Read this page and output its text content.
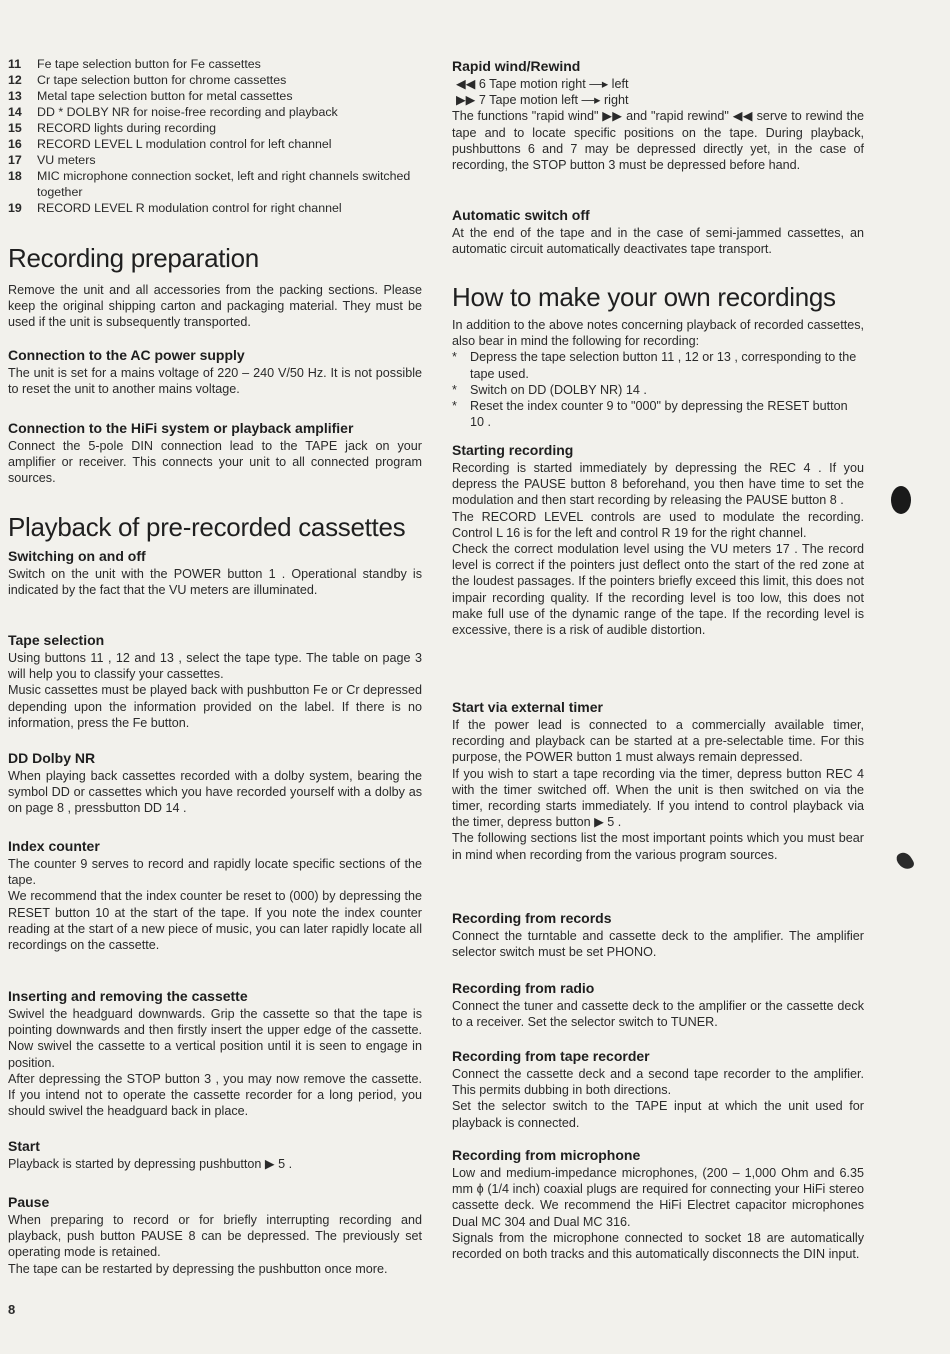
11	Fe tape selection button for Fe cassettes
12	Cr tape selection button for chrome cassettes
13	Metal tape selection button for metal cassettes
14	DD * DOLBY NR for noise-free recording and playback
15	RECORD lights during recording
16	RECORD LEVEL L modulation control for left channel
17	VU meters
18	MIC microphone connection socket, left and right channels switched together
19	RECORD LEVEL R modulation control for right channel
Recording preparation

Remove the unit and all accessories from the packing sections. Please keep the original shipping carton and packaging material. They must be used if the unit is subsequently transported.

Connection to the AC power supply

The unit is set for a mains voltage of 220 – 240 V/50 Hz. It is not possible to reset the unit to another mains voltage.

Connection to the HiFi system or playback amplifier

Connect the 5-pole DIN connection lead to the TAPE jack on your amplifier or receiver. This connects your unit to all connected program sources.

Playback of pre-recorded cassettes
Switching on and off

Switch on the unit with the POWER button 1 . Operational standby is indicated by the fact that the VU meters are illuminated.

Tape selection

Using buttons 11 , 12 and 13 , select the tape type. The table on page 3 will help you to classify your cassettes.

Music cassettes must be played back with pushbutton Fe or Cr depressed depending upon the information provided on the label. If there is no information, press the Fe button.

DD Dolby NR

When playing back cassettes recorded with a dolby system, bearing the symbol DD or cassettes which you have recorded yourself with a dolby as on page 8 , pressbutton DD 14 .

Index counter

The counter 9 serves to record and rapidly locate specific sections of the tape.

We recommend that the index counter be reset to (000) by depressing the RESET button 10 at the start of the tape. If you note the index counter reading at the start of a new piece of music, you can later rapidly locate all recordings on the cassette.

Inserting and removing the cassette

Swivel the headguard downwards. Grip the cassette so that the tape is pointing downwards and then firstly insert the upper edge of the cassette. Now swivel the cassette to a vertical position until it is seen to engage in position.

After depressing the STOP button 3 , you may now remove the cassette. If you intend not to operate the cassette recorder for a long period, you should swivel the headguard back in place.

Start

Playback is started by depressing pushbutton ▶ 5 .

Pause

When preparing to record or for briefly interrupting recording and playback, push button PAUSE 8 can be depressed. The previously set operating mode is retained.

The tape can be restarted by depressing the pushbutton once more.

8
Rapid wind/Rewind

◀◀ 6 Tape motion right —▸ left

▶▶ 7 Tape motion left —▸ right

The functions "rapid wind" ▶▶ and "rapid rewind" ◀◀ serve to rewind the tape and to locate specific positions on the tape. During playback, pushbuttons 6 and 7 may be depressed directly yet, in the case of recording, the STOP button 3 must be depressed before hand.

Automatic switch off

At the end of the tape and in the case of semi-jammed cassettes, an automatic circuit automatically deactivates tape transport.

How to make your own recordings

In addition to the above notes concerning playback of recorded cassettes, also bear in mind the following for recording:

*	Depress the tape selection button 11 , 12 or 13 , corresponding to the tape used.
*	Switch on DD (DOLBY NR) 14 .
*	Reset the index counter 9 to "000" by depressing the RESET button 10 .
Starting recording

Recording is started immediately by depressing the REC 4 . If you depress the PAUSE button 8 beforehand, you then have time to set the modulation and then start recording by releasing the PAUSE button 8 .

The RECORD LEVEL controls are used to modulate the recording. Control L 16 is for the left and control R 19 for the right channel.

Check the correct modulation level using the VU meters 17 . The record level is correct if the pointers just deflect onto the start of the red zone at the loudest passages. If the pointers briefly exceed this limit, this does not impair recording quality. If the recording level is too low, this does not make full use of the dynamic range of the tape. If the recording level is excessive, there is a risk of audible distortion.

Start via external timer

If the power lead is connected to a commercially available timer, recording and playback can be started at a pre-selectable time. For this purpose, the POWER button 1 must always remain depressed.

If you wish to start a tape recording via the timer, depress button REC 4 with the timer switched off. When the unit is then switched on via the timer, recording starts immediately. If you intend to control playback via the timer, depress button ▶ 5 .

The following sections list the most important points which you must bear in mind when recording from the various program sources.

Recording from records

Connect the turntable and cassette deck to the amplifier. The amplifier selector switch must be set PHONO.

Recording from radio

Connect the tuner and cassette deck to the amplifier or the cassette deck to a receiver. Set the selector switch to TUNER.

Recording from tape recorder

Connect the cassette deck and a second tape recorder to the amplifier. This permits dubbing in both directions.

Set the selector switch to the TAPE input at which the unit used for playback is connected.

Recording from microphone

Low and medium-impedance microphones, (200 – 1,000 Ohm and 6.35 mm ϕ (1/4 inch) coaxial plugs are required for connecting your HiFi stereo cassette deck. We recommend the HiFi Electret capacitor microphones Dual MC 304 and Dual MC 316.

Signals from the microphone connected to socket 18 are automatically recorded on both tracks and this automatically disconnects the DIN input.
